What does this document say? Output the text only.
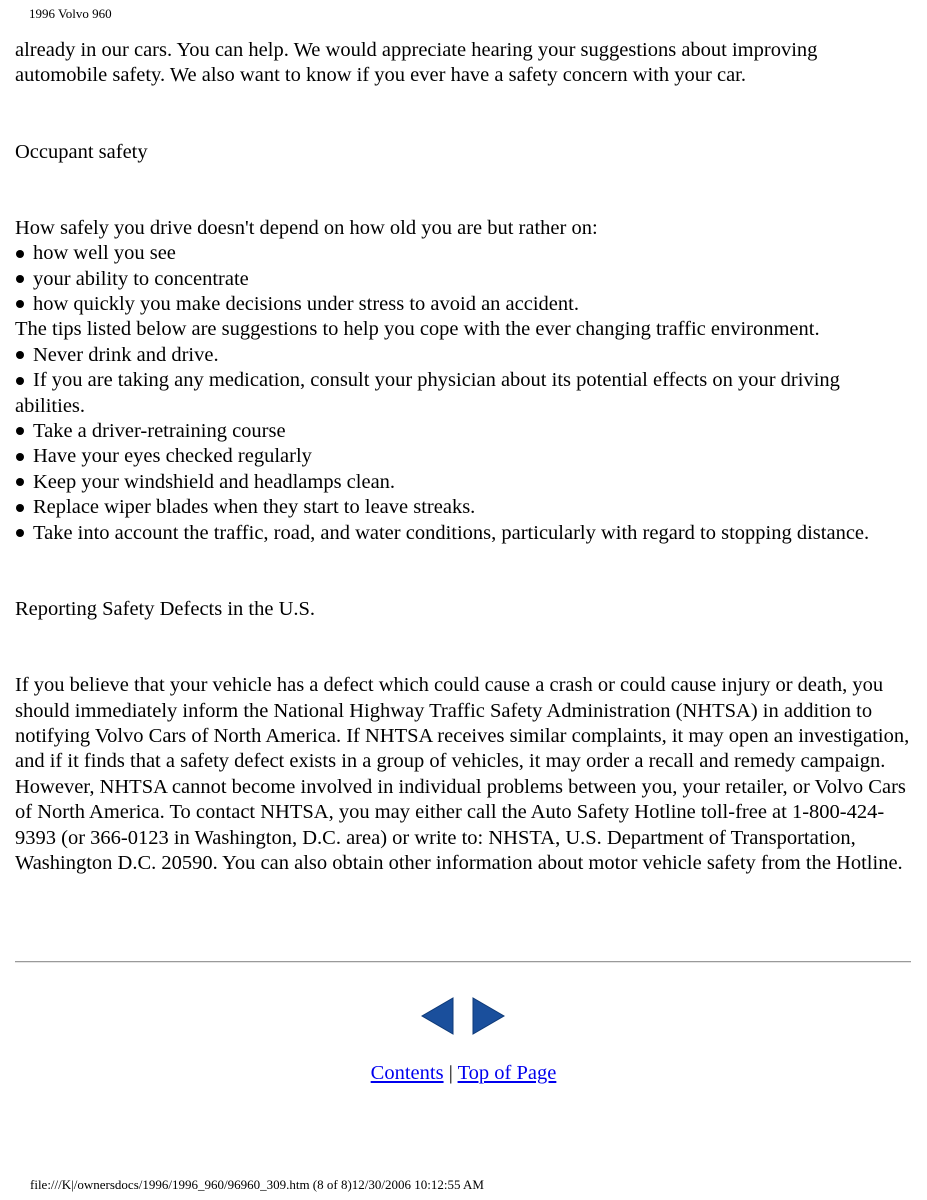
1996 Volvo 960

already in our cars. You can help. We would appreciate hearing your suggestions about improving

automobile safety. We also want to know if you ever have a safety concern with your car.

Occupant safety

How safely you drive doesn't depend on how old you are but rather on:

how well you see
your ability to concentrate
how quickly you make decisions under stress to avoid an accident.

The tips listed below are suggestions to help you cope with the ever changing traffic environment.

Never drink and drive.
If you are taking any medication, consult your physician about its potential effects on your driving abilities.
Take a driver-retraining course
Have your eyes checked regularly
Keep your windshield and headlamps clean.
Replace wiper blades when they start to leave streaks.
Take into account the traffic, road, and water conditions, particularly with regard to stopping distance.

Reporting Safety Defects in the U.S.

If you believe that your vehicle has a defect which could cause a crash or could cause injury or death, you should immediately inform the National Highway Traffic Safety Administration (NHTSA) in addition to notifying Volvo Cars of North America. If NHTSA receives similar complaints, it may open an investigation, and if it finds that a safety defect exists in a group of vehicles, it may order a recall and remedy campaign. However, NHTSA cannot become involved in individual problems between you, your retailer, or Volvo Cars of North America. To contact NHTSA, you may either call the Auto Safety Hotline toll-free at 1-800-424-9393 (or 366-0123 in Washington, D.C. area) or write to: NHSTA, U.S. Department of Transportation, Washington D.C. 20590. You can also obtain other information about motor vehicle safety from the Hotline.

Contents | Top of Page
file:///K|/ownersdocs/1996/1996_960/96960_309.htm (8 of 8)12/30/2006 10:12:55 AM
